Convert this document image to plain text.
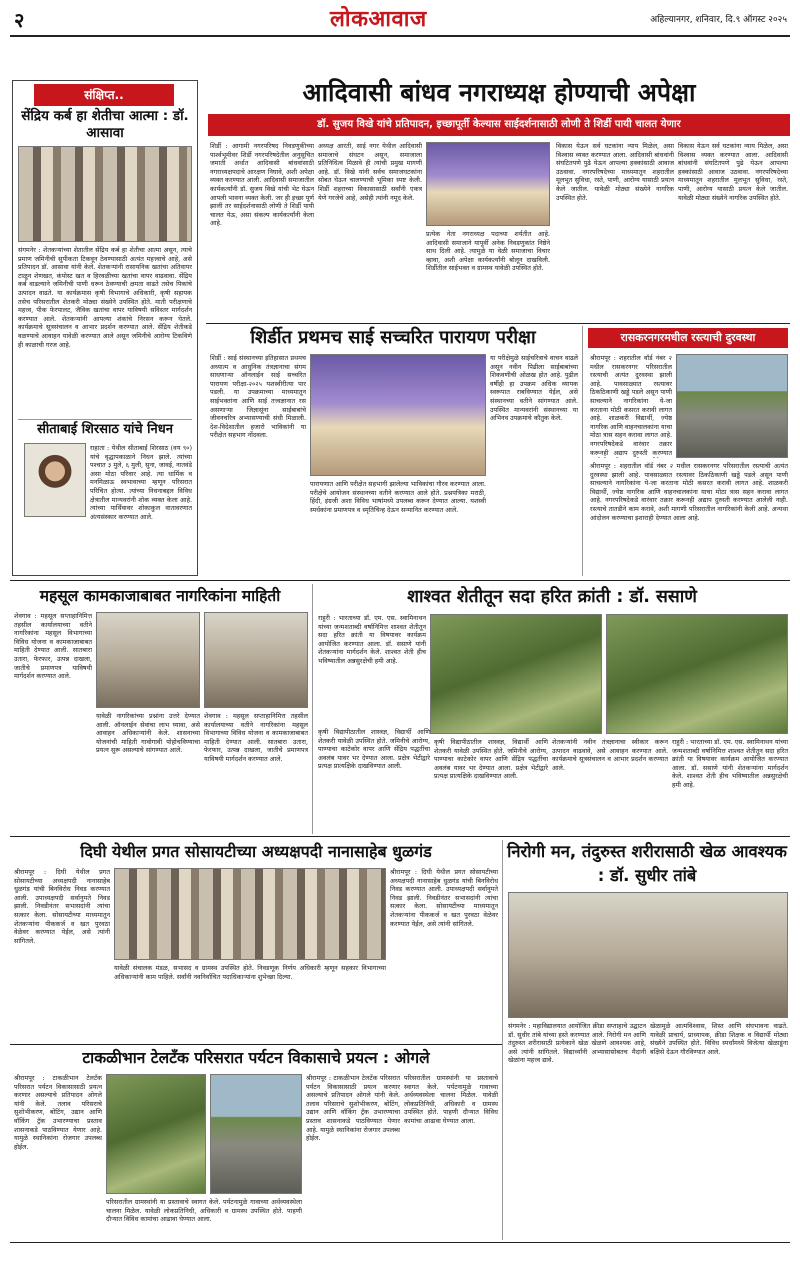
२	लोकआवाज	अहिल्यानगर, शनिवार, दि.९ ऑगस्ट २०२५
संक्षिप्त..
सेंद्रिय कर्ब हा शेतीचा आत्मा : डॉ. आसावा
संगमनेर : शेतकऱ्यांच्या शेतातील सेंद्रिय कर्ब हा शेतीचा आत्मा असून, त्याचे प्रमाण जमिनीची सुपीकता टिकवून ठेवण्यासाठी अत्यंत महत्त्वाचे आहे, असे प्रतिपादन डॉ. आसावा यांनी केले. शेतकऱ्यांनी रासायनिक खतांचा अतिवापर टाळून शेणखत, कंपोस्ट खत व हिरवळीच्या खतांचा वापर वाढवावा. सेंद्रिय कर्ब वाढल्याने जमिनीची पाणी धरून ठेवण्याची क्षमता वाढते तसेच पिकांचे उत्पादन वाढते. या कार्यक्रमास कृषी विभागाचे अधिकारी, कृषी सहायक तसेच परिसरातील शेतकरी मोठ्या संख्येने उपस्थित होते. माती परीक्षणाचे महत्त्व, पीक फेरपालट, जैविक खतांचा वापर याविषयी सविस्तर मार्गदर्शन करण्यात आले. शेतकऱ्यांनी आपल्या शंकांचे निरसन करून घेतले. कार्यक्रमाचे सूत्रसंचालन व आभार प्रदर्शन करण्यात आले. सेंद्रिय शेतीकडे वळण्याचे आवाहन यावेळी करण्यात आले असून जमिनीचे आरोग्य टिकविणे ही काळाची गरज आहे.
सीताबाई शिरसाठ यांचे निधन
राहाता : येथील सीताबाई शिरसाठ (वय ९०) यांचे वृद्धापकाळाने निधन झाले. त्यांच्या पश्चात ३ मुले, ६ मुली, सुना, जावई, नातवंडे असा मोठा परिवार आहे. त्या धार्मिक व मनमिळाऊ स्वभावाच्या म्हणून परिसरात परिचित होत्या. त्यांच्या निधनाबद्दल विविध क्षेत्रातील मान्यवरांनी शोक व्यक्त केला आहे. त्यांच्या पार्थिवावर शोकाकुल वातावरणात अंत्यसंस्कार करण्यात आले.
आदिवासी बांधव नगराध्यक्ष होण्याची अपेक्षा
डॉ. सुजय विखे यांचे प्रतिपादन, इच्छापूर्ती केल्यास साईदर्शनासाठी लोणी ते शिर्डी पायी चालत येणार
शिर्डी : आगामी नगरपरिषद निवडणुकीच्या पार्श्वभूमीवर शिर्डी नगरपरिषदेतील अनुसूचित जमाती अर्थात आदिवासी बांधवांसाठी नगराध्यक्षपदाचे आरक्षण निघावे, अशी अपेक्षा व्यक्त करण्यात आली. आदिवासी समाजातील कार्यकर्त्यांनी डॉ. सुजय विखे यांची भेट घेऊन आपली भावना व्यक्त केली. जर ही इच्छा पूर्ण झाली तर साईदर्शनासाठी लोणी ते शिर्डी पायी चालत येऊ, असा संकल्प कार्यकर्त्यांनी केला आहे.
अध्यक्ष आरती, साई नगर येथील आदिवासी समाजाचे संघटन असून, समाजाला प्रतिनिधित्व मिळावे ही त्यांची प्रमुख मागणी आहे. डॉ. विखे यांनी सर्वच समाजघटकांना सोबत घेऊन चालण्याची भूमिका स्पष्ट केली. शिर्डी शहराच्या विकासासाठी सर्वांनी एकत्र येणे गरजेचे आहे, असेही त्यांनी नमूद केले.
प्रत्येक नेता नगराध्यक्ष पदाच्या शर्यतीत आहे. आदिवासी समाजाने यापूर्वी अनेक निवडणुकांत निष्ठेने साथ दिली आहे. त्यामुळे या वेळी समाजाचा विचार व्हावा, अशी अपेक्षा कार्यकर्त्यांनी बोलून दाखविली. शिर्डीतील साईभक्त व ग्रामस्थ यावेळी उपस्थित होते.
विकास येऊन सर्व घटकांना न्याय मिळेल, असा विश्वास व्यक्त करण्यात आला. आदिवासी बांधवांनी संघटितपणे पुढे येऊन आपल्या हक्कांसाठी आवाज उठवावा. नगरपरिषदेच्या माध्यमातून शहरातील मूलभूत सुविधा, रस्ते, पाणी, आरोग्य यासाठी प्रयत्न केले जातील. यावेळी मोठ्या संख्येने नागरिक उपस्थित होते.
विकास येऊन सर्व घटकांना न्याय मिळेल, असा विश्वास व्यक्त करण्यात आला. आदिवासी बांधवांनी संघटितपणे पुढे येऊन आपल्या हक्कांसाठी आवाज उठवावा. नगरपरिषदेच्या माध्यमातून शहरातील मूलभूत सुविधा, रस्ते, पाणी, आरोग्य यासाठी प्रयत्न केले जातील. यावेळी मोठ्या संख्येने नागरिक उपस्थित होते.
शिर्डीत प्रथमच साई सच्चरित पारायण परीक्षा
शिर्डी : साई संस्थानच्या इतिहासात प्रथमच अध्यात्म व आधुनिक तंत्रज्ञानाचा संगम साधणाऱ्या ऑनलाईन साई सच्चरित पारायण परीक्षा-२०२५ यशस्वीरीत्या पार पडली. या उपक्रमाच्या माध्यमातून साईभक्तांना आणि साई तत्त्वज्ञानात रस असणाऱ्या जिज्ञासूंना साईबाबांचे जीवनचरित्र अभ्यासण्याची संधी मिळाली. देश-विदेशातील हजारो भाविकांनी या परीक्षेत सहभाग नोंदवला.
पारायणात आणि परीक्षेत सहभागी झालेल्या भाविकांचा गौरव करण्यात आला. परीक्षेचे आयोजन संस्थानच्या वतीने करण्यात आले होते. प्रश्नपत्रिका मराठी, हिंदी, इंग्रजी अशा विविध भाषांमध्ये उपलब्ध करून देण्यात आल्या. यशस्वी स्पर्धकांना प्रमाणपत्र व स्मृतिचिन्ह देऊन सन्मानित करण्यात आले.
या परीक्षेमुळे साईचरित्राचे वाचन वाढले असून नवीन पिढीला साईबाबांच्या शिकवणीची ओळख होत आहे. पुढील वर्षीही हा उपक्रम अधिक व्यापक स्वरूपात राबविण्यात येईल, असे संस्थानच्या वतीने सांगण्यात आले. उपस्थित मान्यवरांनी संस्थानच्या या अभिनव उपक्रमाचे कौतुक केले.
रासकरनगरमधील रस्त्याची दुरवस्था
श्रीरामपूर : शहरातील वॉर्ड नंबर २ मधील रासकरनगर परिसरातील रस्त्याची अत्यंत दुरवस्था झाली आहे. पावसाळ्यात रस्त्यावर ठिकठिकाणी खड्डे पडले असून पाणी साचल्याने नागरिकांना ये-जा करताना मोठी कसरत करावी लागत आहे. शाळकरी विद्यार्थी, ज्येष्ठ नागरिक आणि वाहनचालकांना याचा मोठा त्रास सहन करावा लागत आहे. नगरपरिषदेकडे वारंवार तक्रार करूनही अद्याप दुरुस्ती करण्यात
श्रीरामपूर : शहरातील वॉर्ड नंबर २ मधील रासकरनगर परिसरातील रस्त्याची अत्यंत दुरवस्था झाली आहे. पावसाळ्यात रस्त्यावर ठिकठिकाणी खड्डे पडले असून पाणी साचल्याने नागरिकांना ये-जा करताना मोठी कसरत करावी लागत आहे. शाळकरी विद्यार्थी, ज्येष्ठ नागरिक आणि वाहनचालकांना याचा मोठा त्रास सहन करावा लागत आहे. नगरपरिषदेकडे वारंवार तक्रार करूनही अद्याप दुरुस्ती करण्यात आलेली नाही. रस्त्याचे तातडीने काम करावे, अशी मागणी परिसरातील नागरिकांनी केली आहे. अन्यथा आंदोलन करण्याचा इशाराही देण्यात आला आहे.
महसूल कामकाजाबाबत नागरिकांना माहिती
शेवगाव : महसूल सप्ताहानिमित्त तहसील कार्यालयाच्या वतीने नागरिकांना महसूल विभागाच्या विविध योजना व कामकाजाबाबत माहिती देण्यात आली. सातबारा उतारा, फेरफार, उत्पन्न दाखला, जातीचे प्रमाणपत्र याविषयी मार्गदर्शन करण्यात आले.
यावेळी नागरिकांच्या प्रश्नांना उत्तरे देण्यात आली. ऑनलाईन सेवांचा लाभ घ्यावा, असे आवाहन अधिकाऱ्यांनी केले. शासनाच्या योजनांची माहिती गावोगावी पोहोचविण्याचा प्रयत्न सुरू असल्याचे सांगण्यात आले.
शेवगाव : महसूल सप्ताहानिमित्त तहसील कार्यालयाच्या वतीने नागरिकांना महसूल विभागाच्या विविध योजना व कामकाजाबाबत माहिती देण्यात आली. सातबारा उतारा, फेरफार, उत्पन्न दाखला, जातीचे प्रमाणपत्र याविषयी मार्गदर्शन करण्यात आले.
शाश्वत शेतीतून सदा हरित क्रांती : डॉ. ससाणे
राहुरी : भारताच्या डॉ. एम. एस. स्वामिनाथन यांच्या जन्मशताब्दी वर्षानिमित्त शाश्वत शेतीतून सदा हरित क्रांती या विषयावर कार्यक्रम आयोजित करण्यात आला. डॉ. ससाणे यांनी शेतकऱ्यांना मार्गदर्शन केले. शाश्वत शेती हीच भविष्यातील अन्नसुरक्षेची हमी आहे.
कृषी विद्यापीठातील शास्त्रज्ञ, विद्यार्थी आणि शेतकरी यावेळी उपस्थित होते. जमिनीचे आरोग्य, पाण्याचा काटेकोर वापर आणि सेंद्रिय पद्धतींचा अवलंब यावर भर देण्यात आला. प्रक्षेत्र भेटीद्वारे प्रत्यक्ष प्रात्यक्षिके दाखविण्यात आली.
कृषी विद्यापीठातील शास्त्रज्ञ, विद्यार्थी आणि शेतकरी यावेळी उपस्थित होते. जमिनीचे आरोग्य, पाण्याचा काटेकोर वापर आणि सेंद्रिय पद्धतींचा अवलंब यावर भर देण्यात आला. प्रक्षेत्र भेटीद्वारे प्रत्यक्ष प्रात्यक्षिके दाखविण्यात आली.
शेतकऱ्यांनी नवीन तंत्रज्ञानाचा स्वीकार करून उत्पादन वाढवावे, असे आवाहन करण्यात आले. कार्यक्रमाचे सूत्रसंचालन व आभार प्रदर्शन करण्यात आले.
राहुरी : भारताच्या डॉ. एम. एस. स्वामिनाथन यांच्या जन्मशताब्दी वर्षानिमित्त शाश्वत शेतीतून सदा हरित क्रांती या विषयावर कार्यक्रम आयोजित करण्यात आला. डॉ. ससाणे यांनी शेतकऱ्यांना मार्गदर्शन केले. शाश्वत शेती हीच भविष्यातील अन्नसुरक्षेची हमी आहे.
दिघी येथील प्रगत सोसायटीच्या अध्यक्षपदी नानासाहेब धुळगंड
श्रीरामपूर : दिघी येथील प्रगत सोसायटीच्या अध्यक्षपदी नानासाहेब धुळगंड यांची बिनविरोध निवड करण्यात आली. उपाध्यक्षपदी सर्वानुमते निवड झाली. निवडीनंतर सभासदांनी त्यांचा सत्कार केला. सोसायटीच्या माध्यमातून शेतकऱ्यांना पीककर्ज व खत पुरवठा वेळेवर करण्यात येईल, असे त्यांनी सांगितले.
यावेळी संचालक मंडळ, सभासद व ग्रामस्थ उपस्थित होते. निवडणूक निर्णय अधिकारी म्हणून सहकार विभागाच्या अधिकाऱ्यांनी काम पाहिले. सर्वांनी नवनिर्वाचित पदाधिकाऱ्यांना शुभेच्छा दिल्या.
श्रीरामपूर : दिघी येथील प्रगत सोसायटीच्या अध्यक्षपदी नानासाहेब धुळगंड यांची बिनविरोध निवड करण्यात आली. उपाध्यक्षपदी सर्वानुमते निवड झाली. निवडीनंतर सभासदांनी त्यांचा सत्कार केला. सोसायटीच्या माध्यमातून शेतकऱ्यांना पीककर्ज व खत पुरवठा वेळेवर करण्यात येईल, असे त्यांनी सांगितले.
निरोगी मन, तंदुरुस्त शरीरासाठी खेळ आवश्यक : डॉ. सुधीर तांबे
संगमनेर : महाविद्यालयात आयोजित क्रीडा सप्ताहाचे उद्घाटन डॉ. सुधीर तांबे यांच्या हस्ते करण्यात आले. निरोगी मन आणि तंदुरुस्त शरीरासाठी प्रत्येकाने खेळ खेळणे आवश्यक आहे, असे त्यांनी सांगितले. विद्यार्थ्यांनी अभ्यासासोबतच मैदानी खेळांना महत्त्व द्यावे.
खेळामुळे आत्मविश्वास, शिस्त आणि संघभावना वाढते. यावेळी प्राचार्य, प्राध्यापक, क्रीडा शिक्षक व विद्यार्थी मोठ्या संख्येने उपस्थित होते. विविध स्पर्धांमध्ये विजेत्या खेळाडूंना बक्षिसे देऊन गौरविण्यात आले.
टाकळीभान टेलटँक परिसरात पर्यटन विकासाचे प्रयत्न : ओगले
श्रीरामपूर : टाकळीभान टेलटँक परिसरात पर्यटन विकासासाठी प्रयत्न करणार असल्याचे प्रतिपादन ओगले यांनी केले. तलाव परिसराचे सुशोभीकरण, बोटिंग, उद्यान आणि वॉकिंग ट्रॅक उभारण्याचा प्रस्ताव शासनाकडे पाठविण्यात येणार आहे. यामुळे स्थानिकांना रोजगार उपलब्ध होईल.
परिसरातील ग्रामस्थांनी या प्रस्तावाचे स्वागत केले. पर्यटनामुळे गावाच्या अर्थव्यवस्थेला चालना मिळेल. यावेळी लोकप्रतिनिधी, अधिकारी व ग्रामस्थ उपस्थित होते. पाहणी दौऱ्यात विविध कामांचा आढावा घेण्यात आला.
श्रीरामपूर : टाकळीभान टेलटँक परिसरात पर्यटन विकासासाठी प्रयत्न करणार असल्याचे प्रतिपादन ओगले यांनी केले. तलाव परिसराचे सुशोभीकरण, बोटिंग, उद्यान आणि वॉकिंग ट्रॅक उभारण्याचा प्रस्ताव शासनाकडे पाठविण्यात येणार आहे. यामुळे स्थानिकांना रोजगार उपलब्ध होईल.
परिसरातील ग्रामस्थांनी या प्रस्तावाचे स्वागत केले. पर्यटनामुळे गावाच्या अर्थव्यवस्थेला चालना मिळेल. यावेळी लोकप्रतिनिधी, अधिकारी व ग्रामस्थ उपस्थित होते. पाहणी दौऱ्यात विविध कामांचा आढावा घेण्यात आला.
